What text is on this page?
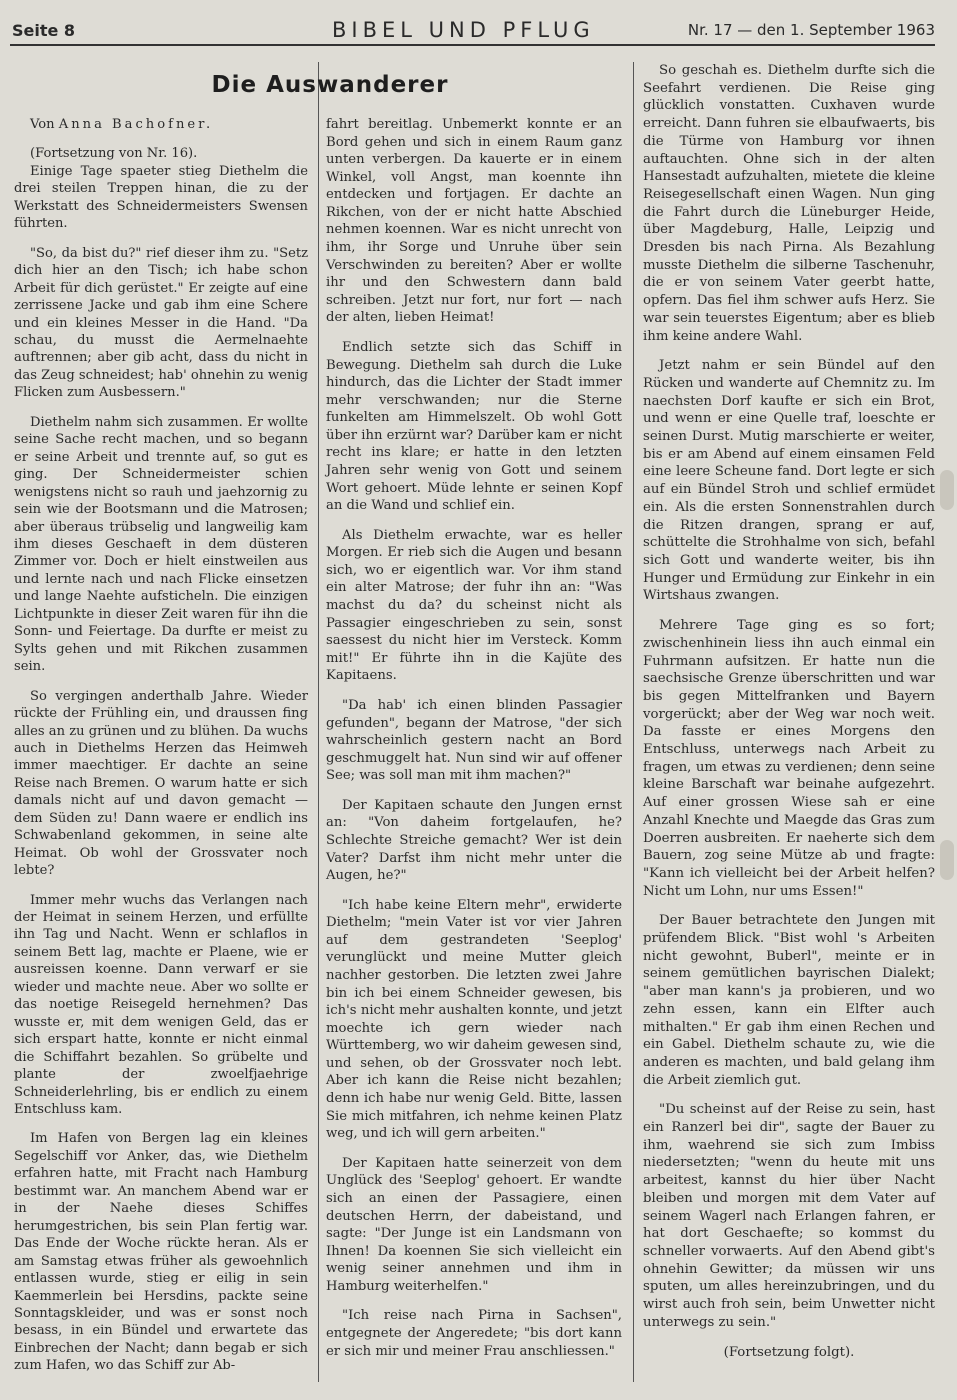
Seite 8	BIBEL UND PFLUG	Nr. 17 — den 1. September 1963
Die Auswanderer

Von Anna Bachofner.

(Fortsetzung von Nr. 16).

Einige Tage spaeter stieg Diethelm die drei steilen Treppen hinan, die zu der Werkstatt des Schneidermeisters Swensen führten.

"So, da bist du?" rief dieser ihm zu. "Setz dich hier an den Tisch; ich habe schon Arbeit für dich gerüstet." Er zeigte auf eine zerrissene Jacke und gab ihm eine Schere und ein kleines Messer in die Hand. "Da schau, du musst die Aermelnaehte auftrennen; aber gib acht, dass du nicht in das Zeug schneidest; hab' ohnehin zu wenig Flicken zum Ausbessern."

Diethelm nahm sich zusammen. Er wollte seine Sache recht machen, und so begann er seine Arbeit und trennte auf, so gut es ging. Der Schneidermeister schien wenigstens nicht so rauh und jaehzornig zu sein wie der Bootsmann und die Matrosen; aber überaus trübselig und langweilig kam ihm dieses Geschaeft in dem düsteren Zimmer vor. Doch er hielt einstweilen aus und lernte nach und nach Flicke einsetzen und lange Naehte aufsticheln. Die einzigen Lichtpunkte in dieser Zeit waren für ihn die Sonn- und Feiertage. Da durfte er meist zu Sylts gehen und mit Rikchen zusammen sein.

So vergingen anderthalb Jahre. Wieder rückte der Frühling ein, und draussen fing alles an zu grünen und zu blühen. Da wuchs auch in Diethelms Herzen das Heimweh immer maechtiger. Er dachte an seine Reise nach Bremen. O warum hatte er sich damals nicht auf und davon gemacht — dem Süden zu! Dann waere er endlich ins Schwabenland gekommen, in seine alte Heimat. Ob wohl der Grossvater noch lebte?

Immer mehr wuchs das Verlangen nach der Heimat in seinem Herzen, und erfüllte ihn Tag und Nacht. Wenn er schlaflos in seinem Bett lag, machte er Plaene, wie er ausreissen koenne. Dann verwarf er sie wieder und machte neue. Aber wo sollte er das noetige Reisegeld hernehmen? Das wusste er, mit dem wenigen Geld, das er sich erspart hatte, konnte er nicht einmal die Schiffahrt bezahlen. So grübelte und plante der zwoelfjaehrige Schneiderlehrling, bis er endlich zu einem Entschluss kam.

Im Hafen von Bergen lag ein kleines Segelschiff vor Anker, das, wie Diethelm erfahren hatte, mit Fracht nach Hamburg bestimmt war. An manchem Abend war er in der Naehe dieses Schiffes herumgestrichen, bis sein Plan fertig war. Das Ende der Woche rückte heran. Als er am Samstag etwas früher als gewoehnlich entlassen wurde, stieg er eilig in sein Kaemmerlein bei Hersdins, packte seine Sonntagskleider, und was er sonst noch besass, in ein Bündel und erwartete das Einbrechen der Nacht; dann begab er sich zum Hafen, wo das Schiff zur Ab-

fahrt bereitlag. Unbemerkt konnte er an Bord gehen und sich in einem Raum ganz unten verbergen. Da kauerte er in einem Winkel, voll Angst, man koennte ihn entdecken und fortjagen. Er dachte an Rikchen, von der er nicht hatte Abschied nehmen koennen. War es nicht unrecht von ihm, ihr Sorge und Unruhe über sein Verschwinden zu bereiten? Aber er wollte ihr und den Schwestern dann bald schreiben. Jetzt nur fort, nur fort — nach der alten, lieben Heimat!

Endlich setzte sich das Schiff in Bewegung. Diethelm sah durch die Luke hindurch, das die Lichter der Stadt immer mehr verschwanden; nur die Sterne funkelten am Himmelszelt. Ob wohl Gott über ihn erzürnt war? Darüber kam er nicht recht ins klare; er hatte in den letzten Jahren sehr wenig von Gott und seinem Wort gehoert. Müde lehnte er seinen Kopf an die Wand und schlief ein.

Als Diethelm erwachte, war es heller Morgen. Er rieb sich die Augen und besann sich, wo er eigentlich war. Vor ihm stand ein alter Matrose; der fuhr ihn an: "Was machst du da? du scheinst nicht als Passagier eingeschrieben zu sein, sonst saessest du nicht hier im Versteck. Komm mit!" Er führte ihn in die Kajüte des Kapitaens.

"Da hab' ich einen blinden Passagier gefunden", begann der Matrose, "der sich wahrscheinlich gestern nacht an Bord geschmuggelt hat. Nun sind wir auf offener See; was soll man mit ihm machen?"

Der Kapitaen schaute den Jungen ernst an: "Von daheim fortgelaufen, he? Schlechte Streiche gemacht? Wer ist dein Vater? Darfst ihm nicht mehr unter die Augen, he?"

"Ich habe keine Eltern mehr", erwiderte Diethelm; "mein Vater ist vor vier Jahren auf dem gestrandeten 'Seeplog' verunglückt und meine Mutter gleich nachher gestorben. Die letzten zwei Jahre bin ich bei einem Schneider gewesen, bis ich's nicht mehr aushalten konnte, und jetzt moechte ich gern wieder nach Württemberg, wo wir daheim gewesen sind, und sehen, ob der Grossvater noch lebt. Aber ich kann die Reise nicht bezahlen; denn ich habe nur wenig Geld. Bitte, lassen Sie mich mitfahren, ich nehme keinen Platz weg, und ich will gern arbeiten."

Der Kapitaen hatte seinerzeit von dem Unglück des 'Seeplog' gehoert. Er wandte sich an einen der Passagiere, einen deutschen Herrn, der dabeistand, und sagte: "Der Junge ist ein Landsmann von Ihnen! Da koennen Sie sich vielleicht ein wenig seiner annehmen und ihm in Hamburg weiterhelfen."

"Ich reise nach Pirna in Sachsen", entgegnete der Angeredete; "bis dort kann er sich mir und meiner Frau anschliessen."

So geschah es. Diethelm durfte sich die Seefahrt verdienen. Die Reise ging glücklich vonstatten. Cuxhaven wurde erreicht. Dann fuhren sie elbaufwaerts, bis die Türme von Hamburg vor ihnen auftauchten. Ohne sich in der alten Hansestadt aufzuhalten, mietete die kleine Reisegesellschaft einen Wagen. Nun ging die Fahrt durch die Lüneburger Heide, über Magdeburg, Halle, Leipzig und Dresden bis nach Pirna. Als Bezahlung musste Diethelm die silberne Taschenuhr, die er von seinem Vater geerbt hatte, opfern. Das fiel ihm schwer aufs Herz. Sie war sein teuerstes Eigentum; aber es blieb ihm keine andere Wahl.

Jetzt nahm er sein Bündel auf den Rücken und wanderte auf Chemnitz zu. Im naechsten Dorf kaufte er sich ein Brot, und wenn er eine Quelle traf, loeschte er seinen Durst. Mutig marschierte er weiter, bis er am Abend auf einem einsamen Feld eine leere Scheune fand. Dort legte er sich auf ein Bündel Stroh und schlief ermüdet ein. Als die ersten Sonnenstrahlen durch die Ritzen drangen, sprang er auf, schüttelte die Strohhalme von sich, befahl sich Gott und wanderte weiter, bis ihn Hunger und Ermüdung zur Einkehr in ein Wirtshaus zwangen.

Mehrere Tage ging es so fort; zwischenhinein liess ihn auch einmal ein Fuhrmann aufsitzen. Er hatte nun die saechsische Grenze überschritten und war bis gegen Mittelfranken und Bayern vorgerückt; aber der Weg war noch weit. Da fasste er eines Morgens den Entschluss, unterwegs nach Arbeit zu fragen, um etwas zu verdienen; denn seine kleine Barschaft war beinahe aufgezehrt. Auf einer grossen Wiese sah er eine Anzahl Knechte und Maegde das Gras zum Doerren ausbreiten. Er naeherte sich dem Bauern, zog seine Mütze ab und fragte: "Kann ich vielleicht bei der Arbeit helfen? Nicht um Lohn, nur ums Essen!"

Der Bauer betrachtete den Jungen mit prüfendem Blick. "Bist wohl 's Arbeiten nicht gewohnt, Buberl", meinte er in seinem gemütlichen bayrischen Dialekt; "aber man kann's ja probieren, und wo zehn essen, kann ein Elfter auch mithalten." Er gab ihm einen Rechen und ein Gabel. Diethelm schaute zu, wie die anderen es machten, und bald gelang ihm die Arbeit ziemlich gut.

"Du scheinst auf der Reise zu sein, hast ein Ranzerl bei dir", sagte der Bauer zu ihm, waehrend sie sich zum Imbiss niedersetzten; "wenn du heute mit uns arbeitest, kannst du hier über Nacht bleiben und morgen mit dem Vater auf seinem Wagerl nach Erlangen fahren, er hat dort Geschaefte; so kommst du schneller vorwaerts. Auf den Abend gibt's ohnehin Gewitter; da müssen wir uns sputen, um alles hereinzubringen, und du wirst auch froh sein, beim Unwetter nicht unterwegs zu sein."

(Fortsetzung folgt).
